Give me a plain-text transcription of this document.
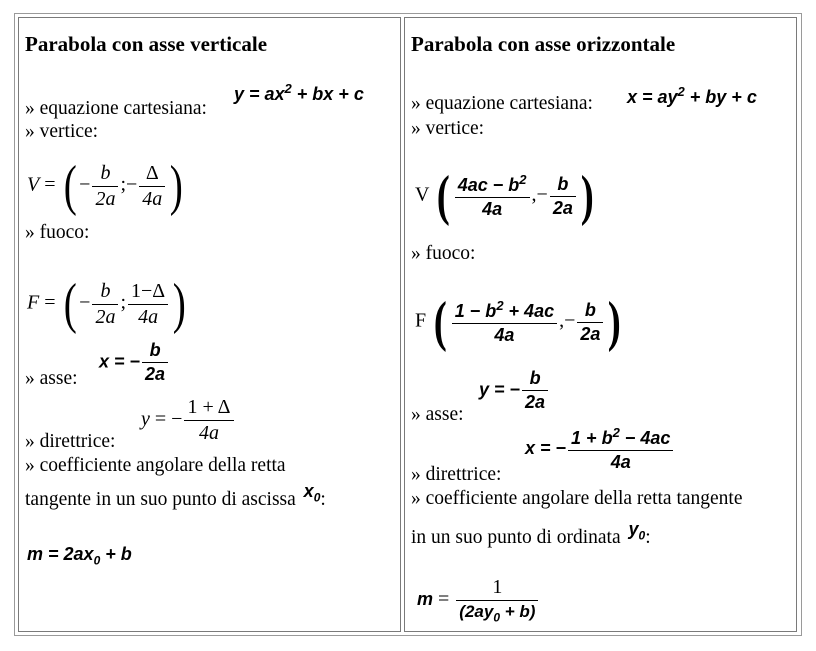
Parabola con asse verticale
» equazione cartesiana:
$y = ax^2$ + bx + c
» vertice:
V = ( − $\frac{b}{2a}$ ;− $\frac{\Delta}{4a}$ )
» fuoco:
F = ( − $\frac{b}{2a}$ ; $\frac{1-\Delta}{4a}$ )
x = − $\frac{b}{2a}$
» asse:
y = − $\frac{1 + \Delta}{4a}$
» direttrice:
» coefficiente angolare della retta
tangente in un suo punto di ascissa $x_0$:
$m = 2ax_0 + b$
Parabola con asse orizzontale
» equazione cartesiana: $x = ay^2$ + by + c
» vertice:
V ( $\frac{4ac - b^2}{4a}$ ,− $\frac{b}{2a}$ )
» fuoco:
F ( $\frac{1 - b^2 + 4ac}{4a}$ ,− $\frac{b}{2a}$ )
y = − $\frac{b}{2a}$
» asse:
x = − $\frac{1 + b^2 - 4ac}{4a}$
» direttrice:
» coefficiente angolare della retta tangente
in un suo punto di ordinata $y_0$:
$m = \frac{1}{(2ay_0 + b)}$
